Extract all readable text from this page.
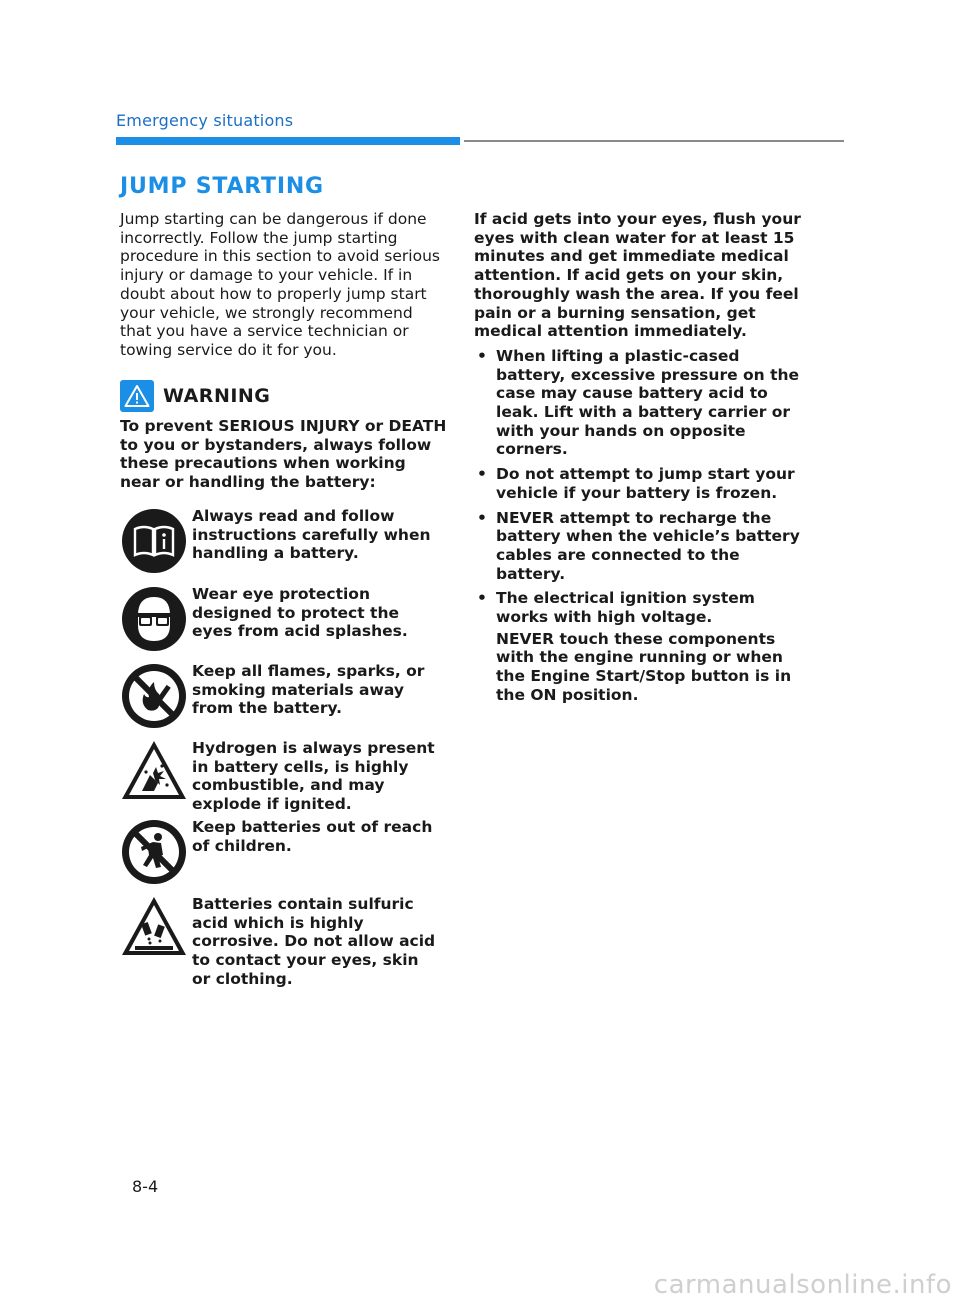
Emergency situations
JUMP STARTING
Jump starting can be dangerous if done incorrectly. Follow the jump starting procedure in this section to avoid serious injury or damage to your vehicle. If in doubt about how to properly jump start your vehicle, we strongly recommend that you have a service technician or towing service do it for you.
WARNING
To prevent SERIOUS INJURY or DEATH to you or bystanders, always follow these precautions when working near or handling the battery:
Always read and follow instructions carefully when handling a battery.
Wear eye protection designed to protect the eyes from acid splashes.
Keep all flames, sparks, or smoking materials away from the battery.
Hydrogen is always present in battery cells, is highly combustible, and may explode if ignited.
Keep batteries out of reach of children.
Batteries contain sulfuric acid which is highly corrosive. Do not allow acid to contact your eyes, skin or clothing.

If acid gets into your eyes, flush your eyes with clean water for at least 15 minutes and get immediate medical attention. If acid gets on your skin, thoroughly wash the area. If you feel pain or a burning sensation, get medical attention immediately.

• When lifting a plastic-cased battery, excessive pressure on the case may cause battery acid to leak. Lift with a battery carrier or with your hands on opposite corners.
• Do not attempt to jump start your vehicle if your battery is frozen.
• NEVER attempt to recharge the battery when the vehicle’s battery cables are connected to the battery.
• The electrical ignition system works with high voltage.
NEVER touch these components with the engine running or when the Engine Start/Stop button is in the ON position.
8-4
carmanualsonline.info
